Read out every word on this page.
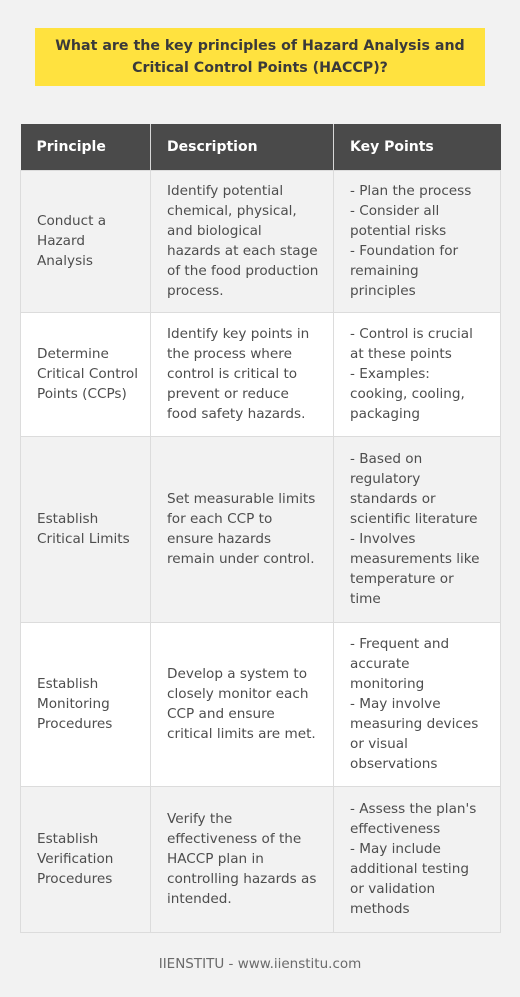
What are the key principles of Hazard Analysis and Critical Control Points (HACCP)?
Principle	Description	Key Points
Conduct a Hazard Analysis	Identify potential chemical, physical, and biological hazards at each stage of the food production process.	- Plan the process
- Consider all potential risks
- Foundation for remaining principles
Determine Critical Control Points (CCPs)	Identify key points in the process where control is critical to prevent or reduce food safety hazards.	- Control is crucial at these points
- Examples: cooking, cooling, packaging
Establish Critical Limits	Set measurable limits for each CCP to ensure hazards remain under control.	- Based on regulatory standards or scientific literature
- Involves measurements like temperature or time
Establish Monitoring Procedures	Develop a system to closely monitor each CCP and ensure critical limits are met.	- Frequent and accurate monitoring
- May involve measuring devices or visual observations
Establish Verification Procedures	Verify the effectiveness of the HACCP plan in controlling hazards as intended.	- Assess the plan's effectiveness
- May include additional testing or validation methods
IIENSTITU - www.iienstitu.com
